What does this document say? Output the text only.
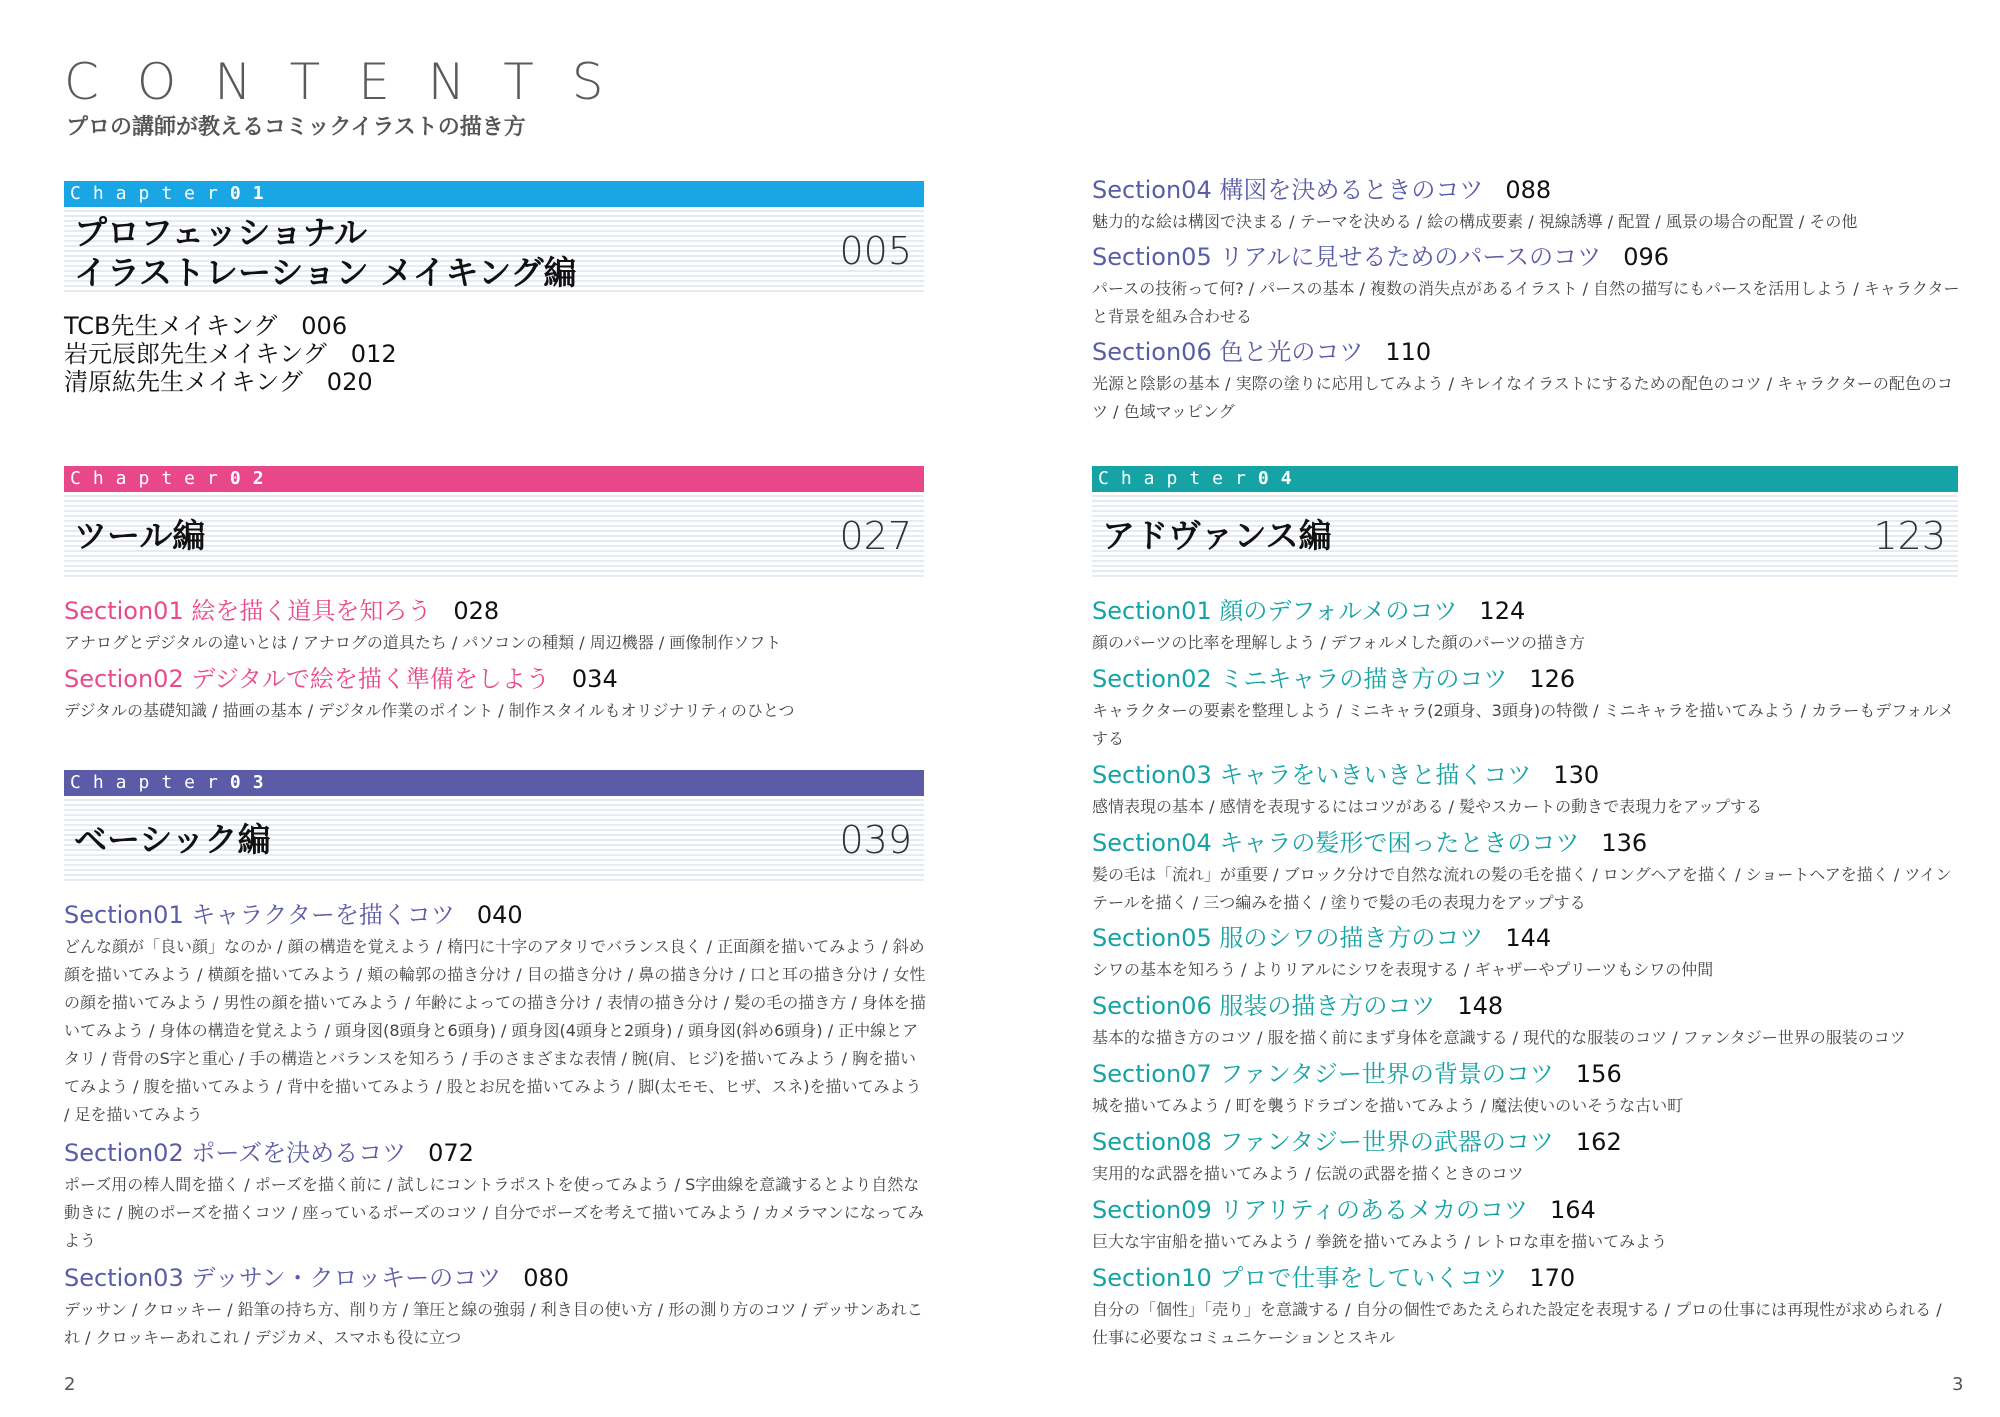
CONTENTS
プロの講師が教えるコミックイラストの描き方
Chapter01
プロフェッショナル
イラストレーション メイキング編	005
TCB先生メイキング　006
岩元辰郎先生メイキング　012
清原紘先生メイキング　020
Chapter02
ツール編	027
Section01 絵を描く道具を知ろう 028
アナログとデジタルの違いとは / アナログの道具たち / パソコンの種類 / 周辺機器 / 画像制作ソフト
Section02 デジタルで絵を描く準備をしよう 034
デジタルの基礎知識 / 描画の基本 / デジタル作業のポイント / 制作スタイルもオリジナリティのひとつ
Chapter03
ベーシック編	039
Section01 キャラクターを描くコツ 040
どんな顔が「良い顔」なのか / 顔の構造を覚えよう / 楕円に十字のアタリでバランス良く / 正面顔を描いてみよう / 斜め顔を描いてみよう / 横顔を描いてみよう / 頬の輪郭の描き分け / 目の描き分け / 鼻の描き分け / 口と耳の描き分け / 女性の顔を描いてみよう / 男性の顔を描いてみよう / 年齢によっての描き分け / 表情の描き分け / 髪の毛の描き方 / 身体を描いてみよう / 身体の構造を覚えよう / 頭身図(8頭身と6頭身) / 頭身図(4頭身と2頭身) / 頭身図(斜め6頭身) / 正中線とアタリ / 背骨のS字と重心 / 手の構造とバランスを知ろう / 手のさまざまな表情 / 腕(肩、ヒジ)を描いてみよう / 胸を描いてみよう / 腹を描いてみよう / 背中を描いてみよう / 股とお尻を描いてみよう / 脚(太モモ、ヒザ、スネ)を描いてみよう / 足を描いてみよう
Section02 ポーズを決めるコツ 072
ポーズ用の棒人間を描く / ポーズを描く前に / 試しにコントラポストを使ってみよう / S字曲線を意識するとより自然な動きに / 腕のポーズを描くコツ / 座っているポーズのコツ / 自分でポーズを考えて描いてみよう / カメラマンになってみよう
Section03 デッサン・クロッキーのコツ 080
デッサン / クロッキー / 鉛筆の持ち方、削り方 / 筆圧と線の強弱 / 利き目の使い方 / 形の測り方のコツ / デッサンあれこれ / クロッキーあれこれ / デジカメ、スマホも役に立つ
Section04 構図を決めるときのコツ 088
魅力的な絵は構図で決まる / テーマを決める / 絵の構成要素 / 視線誘導 / 配置 / 風景の場合の配置 / その他
Section05 リアルに見せるためのパースのコツ 096
パースの技術って何? / パースの基本 / 複数の消失点があるイラスト / 自然の描写にもパースを活用しよう / キャラクターと背景を組み合わせる
Section06 色と光のコツ 110
光源と陰影の基本 / 実際の塗りに応用してみよう / キレイなイラストにするための配色のコツ / キャラクターの配色のコツ / 色域マッピング
Chapter04
アドヴァンス編	123
Section01 顔のデフォルメのコツ 124
顔のパーツの比率を理解しよう / デフォルメした顔のパーツの描き方
Section02 ミニキャラの描き方のコツ 126
キャラクターの要素を整理しよう / ミニキャラ(2頭身、3頭身)の特徴 / ミニキャラを描いてみよう / カラーもデフォルメする
Section03 キャラをいきいきと描くコツ 130
感情表現の基本 / 感情を表現するにはコツがある / 髪やスカートの動きで表現力をアップする
Section04 キャラの髪形で困ったときのコツ 136
髪の毛は「流れ」が重要 / ブロック分けで自然な流れの髪の毛を描く / ロングヘアを描く / ショートヘアを描く / ツインテールを描く / 三つ編みを描く / 塗りで髪の毛の表現力をアップする
Section05 服のシワの描き方のコツ 144
シワの基本を知ろう / よりリアルにシワを表現する / ギャザーやプリーツもシワの仲間
Section06 服装の描き方のコツ 148
基本的な描き方のコツ / 服を描く前にまず身体を意識する / 現代的な服装のコツ / ファンタジー世界の服装のコツ
Section07 ファンタジー世界の背景のコツ 156
城を描いてみよう / 町を襲うドラゴンを描いてみよう / 魔法使いのいそうな古い町
Section08 ファンタジー世界の武器のコツ 162
実用的な武器を描いてみよう / 伝説の武器を描くときのコツ
Section09 リアリティのあるメカのコツ 164
巨大な宇宙船を描いてみよう / 拳銃を描いてみよう / レトロな車を描いてみよう
Section10 プロで仕事をしていくコツ 170
自分の「個性」「売り」を意識する / 自分の個性であたえられた設定を表現する / プロの仕事には再現性が求められる / 仕事に必要なコミュニケーションとスキル
2	3
